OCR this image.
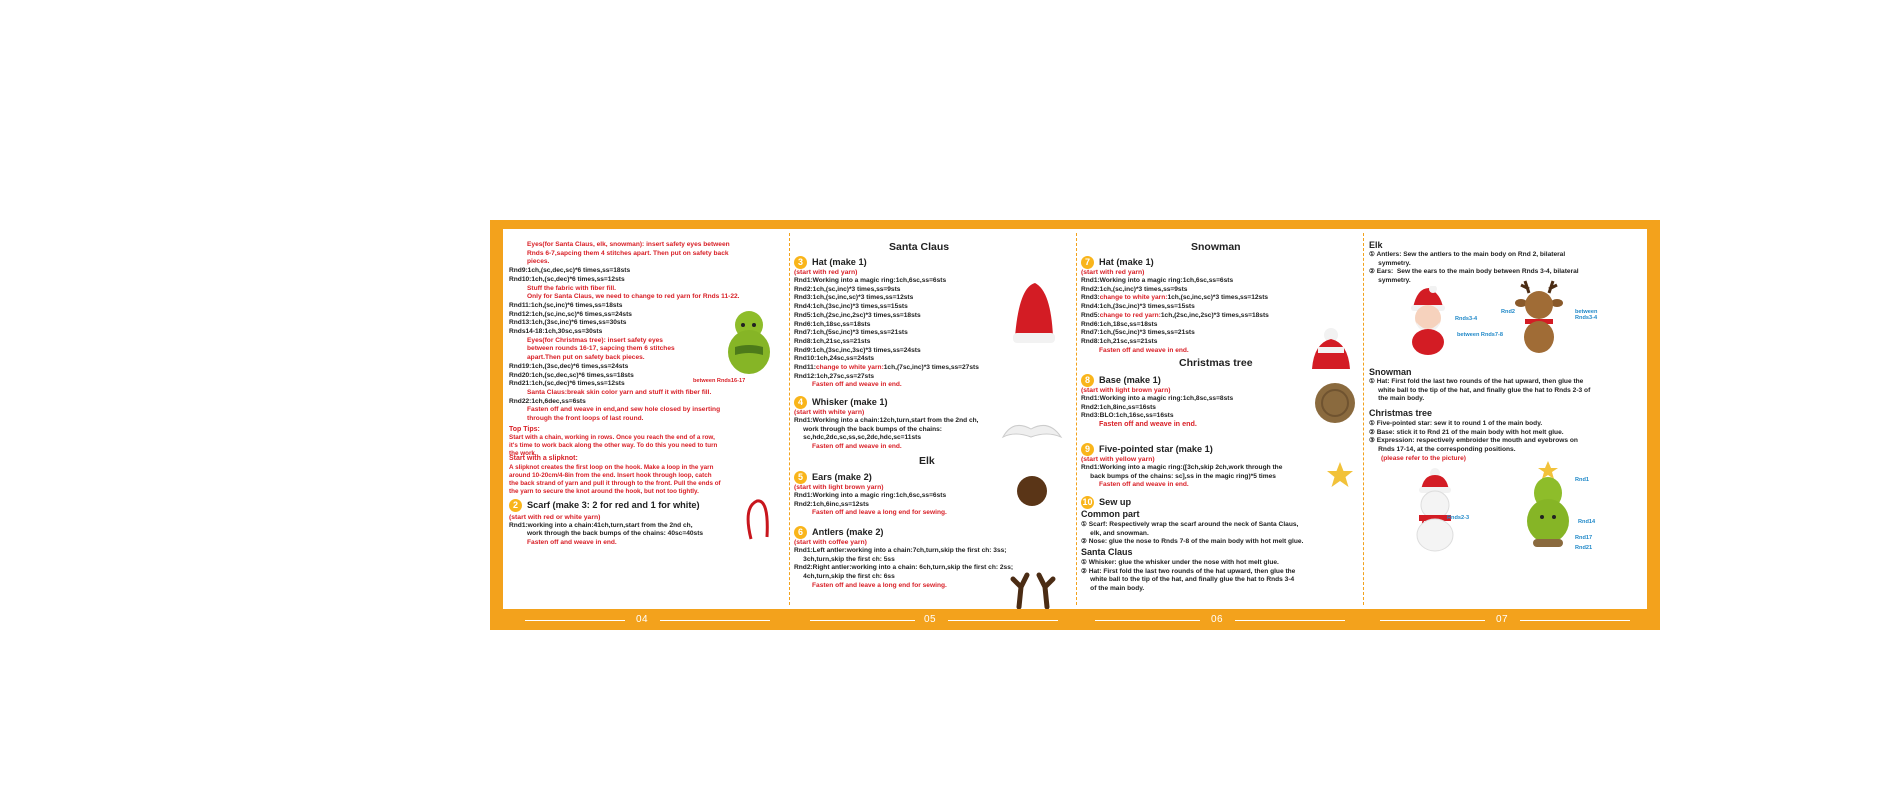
Eyes(for Santa Claus, elk, snowman): insert safety eyes between
Rnds 6-7,sapcing them 4 stitches apart. Then put on safety back
pieces.
Rnd9:1ch,(sc,dec,sc)*6 times,ss=18sts
Rnd10:1ch,(sc,dec)*6 times,ss=12sts
Stuff the fabric with fiber fill.
Only for Santa Claus, we need to change to red yarn for Rnds 11-22.
Rnd11:1ch,(sc,inc)*6 times,ss=18sts
Rnd12:1ch,(sc,inc,sc)*6 times,ss=24sts
Rnd13:1ch,(3sc,inc)*6 times,ss=30sts
Rnds14-18:1ch,30sc,ss=30sts
Eyes(for Christmas tree): insert safety eyes
between rounds 16-17, sapcing them 6 stitches
apart.Then put on safety back pieces.
Rnd19:1ch,(3sc,dec)*6 times,ss=24sts
Rnd20:1ch,(sc,dec,sc)*6 times,ss=18sts
Rnd21:1ch,(sc,dec)*6 times,ss=12sts
Santa Claus:break skin color yarn and stuff it with fiber fill.
Rnd22:1ch,6dec,ss=6sts
Fasten off and weave in end,and sew hole closed by inserting
through the front loops of last round.
between Rnds16-17
Top Tips:
Start with a chain, working in rows. Once you reach the end of a row,
it's time to work back along the other way. To do this you need to turn
the work.
Start with a slipknot:
A slipknot creates the first loop on the hook. Make a loop in the yarn
around 10-20cm/4-8in from the end. Insert hook through loop, catch
the back strand of yarn and pull it through to the front. Pull the ends of
the yarn to secure the knot around the hook, but not too tightly.
2 Scarf (make 3: 2 for red and 1 for white)
(start with red or white yarn)
Rnd1:working into a chain:41ch,turn,start from the 2nd ch,
work through the back bumps of the chains: 40sc=40sts
Fasten off and weave in end.
Santa Claus
3 Hat (make 1)
(start with red yarn)
Rnd1:Working into a magic ring:1ch,6sc,ss=6sts
Rnd2:1ch,(sc,inc)*3 times,ss=9sts
Rnd3:1ch,(sc,inc,sc)*3 times,ss=12sts
Rnd4:1ch,(3sc,inc)*3 times,ss=15sts
Rnd5:1ch,(2sc,inc,2sc)*3 times,ss=18sts
Rnd6:1ch,18sc,ss=18sts
Rnd7:1ch,(5sc,inc)*3 times,ss=21sts
Rnd8:1ch,21sc,ss=21sts
Rnd9:1ch,(3sc,inc,3sc)*3 times,ss=24sts
Rnd10:1ch,24sc,ss=24sts
Rnd11:change to white yarn:1ch,(7sc,inc)*3 times,ss=27sts
Rnd12:1ch,27sc,ss=27sts
Fasten off and weave in end.
4 Whisker (make 1)
(start with white yarn)
Rnd1:Working into a chain:12ch,turn,start from the 2nd ch,
work through the back bumps of the chains:
sc,hdc,2dc,sc,ss,sc,2dc,hdc,sc=11sts
Fasten off and weave in end.
Elk
5 Ears (make 2)
(start with light brown yarn)
Rnd1:Working into a magic ring:1ch,6sc,ss=6sts
Rnd2:1ch,6inc,ss=12sts
Fasten off and leave a long end for sewing.
6 Antlers (make 2)
(start with coffee yarn)
Rnd1:Left antler:working into a chain:7ch,turn,skip the first ch: 3ss;
3ch,turn,skip the first ch: 5ss
Rnd2:Right antler:working into a chain: 6ch,turn,skip the first ch: 2ss;
4ch,turn,skip the first ch: 6ss
Fasten off and leave a long end for sewing.
Snowman
7 Hat (make 1)
(start with red yarn)
Rnd1:Working into a magic ring:1ch,6sc,ss=6sts
Rnd2:1ch,(sc,inc)*3 times,ss=9sts
Rnd3:change to white yarn:1ch,(sc,inc,sc)*3 times,ss=12sts
Rnd4:1ch,(3sc,inc)*3 times,ss=15sts
Rnd5:change to red yarn:1ch,(2sc,inc,2sc)*3 times,ss=18sts
Rnd6:1ch,18sc,ss=18sts
Rnd7:1ch,(5sc,inc)*3 times,ss=21sts
Rnd8:1ch,21sc,ss=21sts
Fasten off and weave in end.
Christmas tree
8 Base (make 1)
(start with light brown yarn)
Rnd1:Working into a magic ring:1ch,8sc,ss=8sts
Rnd2:1ch,8inc,ss=16sts
Rnd3:BLO:1ch,16sc,ss=16sts
Fasten off and weave in end.
9 Five-pointed star (make 1)
(start with yellow yarn)
Rnd1:Working into a magic ring:([3ch,skip 2ch,work through the
back bumps of the chains: sc],ss in the magic ring)*5 times
Fasten off and weave in end.
10 Sew up
Common part
① Scarf: Respectively wrap the scarf around the neck of Santa Claus,
elk, and snowman.
② Nose: glue the nose to Rnds 7-8 of the main body with hot melt glue.
Santa Claus
① Whisker: glue the whisker under the nose with hot melt glue.
② Hat: First fold the last two rounds of the hat upward, then glue the
white ball to the tip of the hat, and finally glue the hat to Rnds 3-4
of the main body.
Elk
① Antlers: Sew the antlers to the main body on Rnd 2, bilateral
symmetry.
② Ears:  Sew the ears to the main body between Rnds 3-4, bilateral
symmetry.
Rnds3-4
between Rnds7-8
Rnd2	between
Rnds3-4
Snowman
① Hat: First fold the last two rounds of the hat upward, then glue the
white ball to the tip of the hat, and finally glue the hat to Rnds 2-3 of
the main body.
Christmas tree
① Five-pointed star: sew it to round 1 of the main body.
② Base: stick it to Rnd 21 of the main body with hot melt glue.
③ Expression: respectively embroider the mouth and eyebrows on
Rnds 17-14, at the corresponding positions.
(please refer to the picture)
Rnds2-3
Rnd1
Rnd14
Rnd17
Rnd21
04	05	06	07
